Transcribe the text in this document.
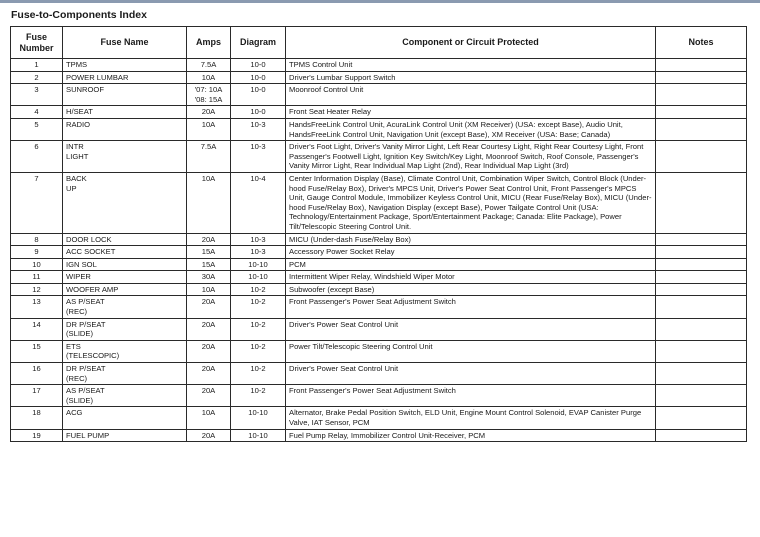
Fuse-to-Components Index
Fuse
Number	Fuse Name	Amps	Diagram	Component or Circuit Protected	Notes
1	TPMS	7.5A	10-0	TPMS Control Unit	
2	POWER LUMBAR	10A	10-0	Driver's Lumbar Support Switch	
3	SUNROOF	'07: 10A
'08: 15A	10-0	Moonroof Control Unit	
4	H/SEAT	20A	10-0	Front Seat Heater Relay	
5	RADIO	10A	10-3	HandsFreeLink Control Unit, AcuraLink Control Unit (XM Receiver) (USA: except Base), Audio Unit, HandsFreeLink Control Unit, Navigation Unit (except Base), XM Receiver (USA: Base; Canada)	
6	INTR
LIGHT	7.5A	10-3	Driver's Foot Light, Driver's Vanity Mirror Light, Left Rear Courtesy Light, Right Rear Courtesy Light, Front Passenger's Footwell Light, Ignition Key Switch/Key Light, Moonroof Switch, Roof Console, Passenger's Vanity Mirror Light, Rear Individual Map Light (2nd), Rear Individual Map Light (3rd)	
7	BACK
UP	10A	10-4	Center Information Display (Base), Climate Control Unit, Combination Wiper Switch, Control Block (Under-hood Fuse/Relay Box), Driver's MPCS Unit, Driver's Power Seat Control Unit, Front Passenger's MPCS Unit, Gauge Control Module, Immobilizer Keyless Control Unit, MICU (Rear Fuse/Relay Box), MICU (Under-hood Fuse/Relay Box), Navigation Display (except Base), Power Tailgate Control Unit (USA: Technology/Entertainment Package, Sport/Entertainment Package; Canada: Elite Package), Power Tilt/Telescopic Steering Control Unit.	
8	DOOR LOCK	20A	10-3	MICU (Under-dash Fuse/Relay Box)	
9	ACC SOCKET	15A	10-3	Accessory Power Socket Relay	
10	IGN SOL	15A	10-10	PCM	
11	WIPER	30A	10-10	Intermittent Wiper Relay, Windshield Wiper Motor	
12	WOOFER AMP	10A	10-2	Subwoofer (except Base)	
13	AS P/SEAT
(REC)	20A	10-2	Front Passenger's Power Seat Adjustment Switch	
14	DR P/SEAT
(SLIDE)	20A	10-2	Driver's Power Seat Control Unit	
15	ETS
(TELESCOPIC)	20A	10-2	Power Tilt/Telescopic Steering Control Unit	
16	DR P/SEAT
(REC)	20A	10-2	Driver's Power Seat Control Unit	
17	AS P/SEAT
(SLIDE)	20A	10-2	Front Passenger's Power Seat Adjustment Switch	
18	ACG	10A	10-10	Alternator, Brake Pedal Position Switch, ELD Unit, Engine Mount Control Solenoid, EVAP Canister Purge Valve, IAT Sensor, PCM	
19	FUEL PUMP	20A	10-10	Fuel Pump Relay, Immobilizer Control Unit-Receiver, PCM	
